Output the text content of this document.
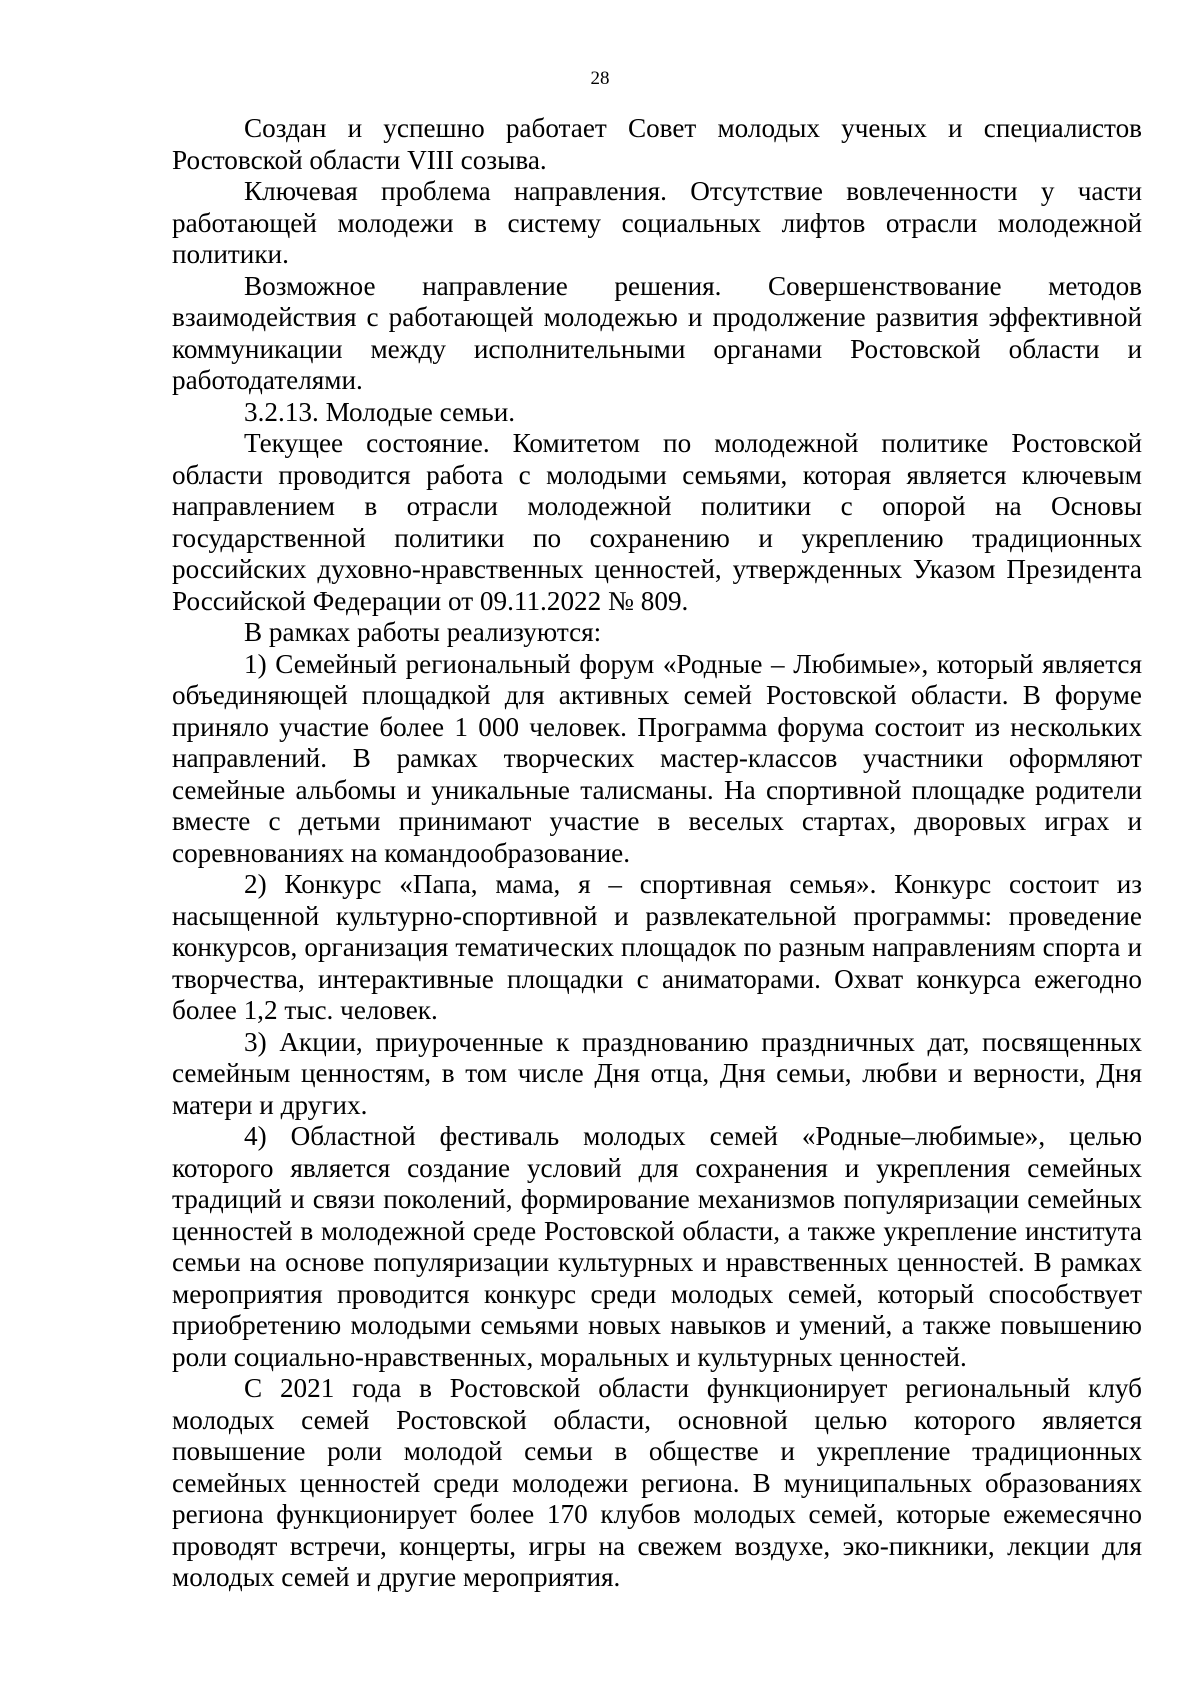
28

Создан и успешно работает Совет молодых ученых и специалистов Ростовской области VIII созыва.

Ключевая проблема направления. Отсутствие вовлеченности у части работающей молодежи в систему социальных лифтов отрасли молодежной политики.

Возможное направление решения. Совершенствование методов взаимодействия с работающей молодежью и продолжение развития эффективной коммуникации между исполнительными органами Ростовской области и работодателями.

3.2.13. Молодые семьи.

Текущее состояние. Комитетом по молодежной политике Ростовской области проводится работа с молодыми семьями, которая является ключевым направлением в отрасли молодежной политики с опорой на Основы государственной политики по сохранению и укреплению традиционных российских духовно-нравственных ценностей, утвержденных Указом Президента Российской Федерации от 09.11.2022 № 809.

В рамках работы реализуются:

1) Семейный региональный форум «Родные – Любимые», который является объединяющей площадкой для активных семей Ростовской области. В форуме приняло участие более 1 000 человек. Программа форума состоит из нескольких направлений. В рамках творческих мастер-классов участники оформляют семейные альбомы и уникальные талисманы. На спортивной площадке родители вместе с детьми принимают участие в веселых стартах, дворовых играх и соревнованиях на командообразование.

2) Конкурс «Папа, мама, я – спортивная семья». Конкурс состоит из насыщенной культурно-спортивной и развлекательной программы: проведение конкурсов, организация тематических площадок по разным направлениям спорта и творчества, интерактивные площадки с аниматорами. Охват конкурса ежегодно более 1,2 тыс. человек.

3) Акции, приуроченные к празднованию праздничных дат, посвященных семейным ценностям, в том числе Дня отца, Дня семьи, любви и верности, Дня матери и других.

4) Областной фестиваль молодых семей «Родные–любимые», целью которого является создание условий для сохранения и укрепления семейных традиций и связи поколений, формирование механизмов популяризации семейных ценностей в молодежной среде Ростовской области, а также укрепление института семьи на основе популяризации культурных и нравственных ценностей. В рамках мероприятия проводится конкурс среди молодых семей, который способствует приобретению молодыми семьями новых навыков и умений, а также повышению роли социально-нравственных, моральных и культурных ценностей.

С 2021 года в Ростовской области функционирует региональный клуб молодых семей Ростовской области, основной целью которого является повышение роли молодой семьи в обществе и укрепление традиционных семейных ценностей среди молодежи региона. В муниципальных образованиях региона функционирует более 170 клубов молодых семей, которые ежемесячно проводят встречи, концерты, игры на свежем воздухе, эко-пикники, лекции для молодых семей и другие мероприятия.
